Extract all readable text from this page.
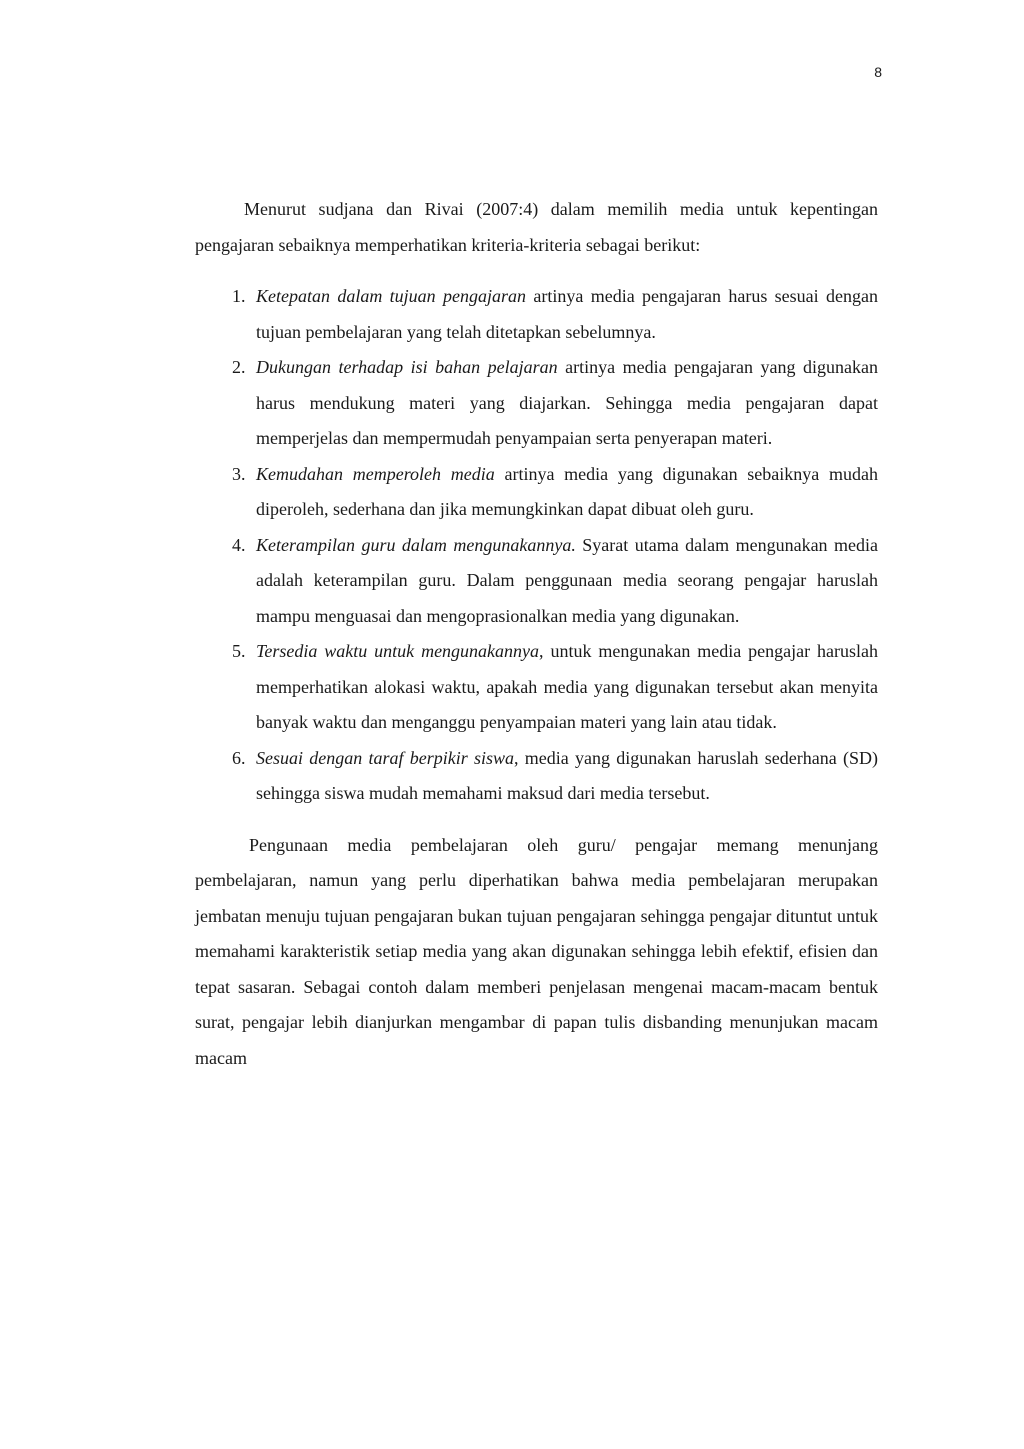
8

Menurut sudjana dan Rivai (2007:4) dalam memilih media untuk kepentingan pengajaran sebaiknya memperhatikan kriteria-kriteria sebagai berikut:

1. Ketepatan dalam tujuan pengajaran artinya media pengajaran harus sesuai dengan tujuan pembelajaran yang telah ditetapkan sebelumnya.
2. Dukungan terhadap isi bahan pelajaran artinya media pengajaran yang digunakan harus mendukung materi yang diajarkan. Sehingga media pengajaran dapat memperjelas dan mempermudah penyampaian serta penyerapan materi.
3. Kemudahan memperoleh media artinya media yang digunakan sebaiknya mudah diperoleh, sederhana dan jika memungkinkan dapat dibuat oleh guru.
4. Keterampilan guru dalam mengunakannya. Syarat utama dalam mengunakan media adalah keterampilan guru. Dalam penggunaan media seorang pengajar haruslah mampu menguasai dan mengoprasionalkan media yang digunakan.
5. Tersedia waktu untuk mengunakannya, untuk mengunakan media pengajar haruslah memperhatikan alokasi waktu, apakah media yang digunakan tersebut akan menyita banyak waktu dan menganggu penyampaian materi yang lain atau tidak.
6. Sesuai dengan taraf berpikir siswa, media yang digunakan haruslah sederhana (SD) sehingga siswa mudah memahami maksud dari media tersebut.

Pengunaan media pembelajaran oleh guru/ pengajar memang menunjang pembelajaran, namun yang perlu diperhatikan bahwa media pembelajaran merupakan jembatan menuju tujuan pengajaran bukan tujuan pengajaran sehingga pengajar dituntut untuk memahami karakteristik setiap media yang akan digunakan sehingga lebih efektif, efisien dan tepat sasaran. Sebagai contoh dalam memberi penjelasan mengenai macam-macam bentuk surat, pengajar lebih dianjurkan mengambar di papan tulis disbanding menunjukan macam macam
